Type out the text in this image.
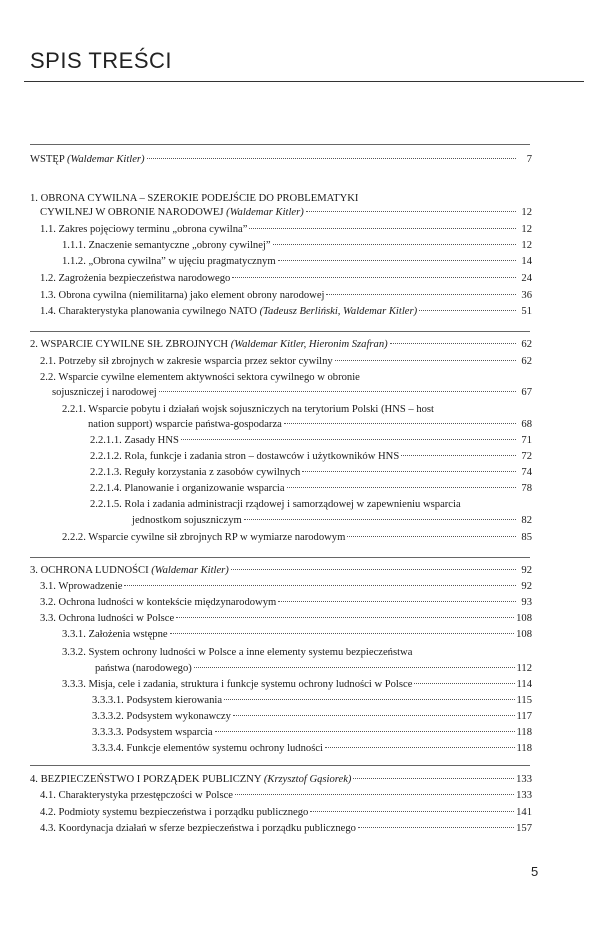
SPIS TREŚCI
WSTĘP (Waldemar Kitler)	7
1. OBRONA CYWILNA – SZEROKIE PODEJŚCIE DO PROBLEMATYKI
CYWILNEJ W OBRONIE NARODOWEJ (Waldemar Kitler)	12
1.1. Zakres pojęciowy terminu „obrona cywilna”	12
1.1.1. Znaczenie semantyczne „obrony cywilnej”	12
1.1.2. „Obrona cywilna” w ujęciu pragmatycznym	14
1.2. Zagrożenia bezpieczeństwa narodowego	24
1.3. Obrona cywilna (niemilitarna) jako element obrony narodowej	36
1.4. Charakterystyka planowania cywilnego NATO (Tadeusz Berliński, Waldemar Kitler)	51
2. WSPARCIE CYWILNE SIŁ ZBROJNYCH (Waldemar Kitler, Hieronim Szafran)	62
2.1. Potrzeby sił zbrojnych w zakresie wsparcia przez sektor cywilny	62
2.2. Wsparcie cywilne elementem aktywności sektora cywilnego w obronie
sojuszniczej i narodowej	67
2.2.1. Wsparcie pobytu i działań wojsk sojuszniczych na terytorium Polski (HNS – host
nation support) wsparcie państwa-gospodarza	68
2.2.1.1. Zasady HNS	71
2.2.1.2. Rola, funkcje i zadania stron – dostawców i użytkowników HNS	72
2.2.1.3. Reguły korzystania z zasobów cywilnych	74
2.2.1.4. Planowanie i organizowanie wsparcia	78
2.2.1.5. Rola i zadania administracji rządowej i samorządowej w zapewnieniu wsparcia
jednostkom sojuszniczym	82
2.2.2. Wsparcie cywilne sił zbrojnych RP w wymiarze narodowym	85
3. OCHRONA LUDNOŚCI (Waldemar Kitler)	92
3.1. Wprowadzenie	92
3.2. Ochrona ludności w kontekście międzynarodowym	93
3.3. Ochrona ludności w Polsce	108
3.3.1. Założenia wstępne	108
3.3.2. System ochrony ludności w Polsce a inne elementy systemu bezpieczeństwa
państwa (narodowego)	112
3.3.3. Misja, cele i zadania, struktura i funkcje systemu ochrony ludności w Polsce	114
3.3.3.1. Podsystem kierowania	115
3.3.3.2. Podsystem wykonawczy	117
3.3.3.3. Podsystem wsparcia	118
3.3.3.4. Funkcje elementów systemu ochrony ludności	118
4. BEZPIECZEŃSTWO I PORZĄDEK PUBLICZNY (Krzysztof Gąsiorek)	133
4.1. Charakterystyka przestępczości w Polsce	133
4.2. Podmioty systemu bezpieczeństwa i porządku publicznego	141
4.3. Koordynacja działań w sferze bezpieczeństwa i porządku publicznego	157
5
